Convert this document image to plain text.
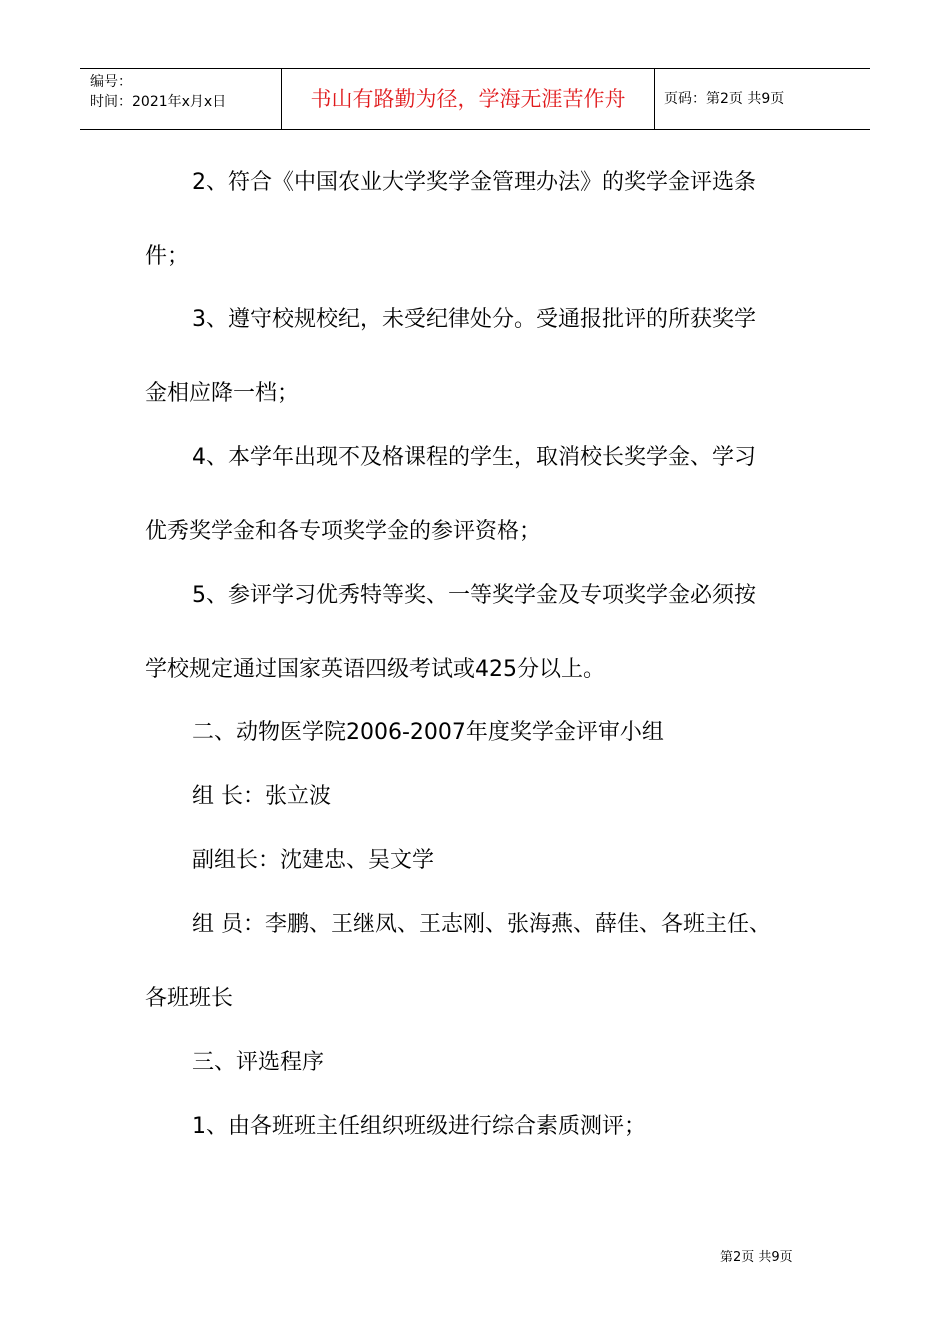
编号：
时间：2021年x月x日	书山有路勤为径，学海无涯苦作舟	页码：第2页 共9页
2、符合《中国农业大学奖学金管理办法》的奖学金评选条
件；
3、遵守校规校纪，未受纪律处分。受通报批评的所获奖学
金相应降一档；
4、本学年出现不及格课程的学生，取消校长奖学金、学习
优秀奖学金和各专项奖学金的参评资格；
5、参评学习优秀特等奖、一等奖学金及专项奖学金必须按
学校规定通过国家英语四级考试或425分以上。
二、动物医学院2006-2007年度奖学金评审小组
组 长：张立波
副组长：沈建忠、吴文学
组 员：李鹏、王继凤、王志刚、张海燕、薛佳、各班主任、
各班班长
三、评选程序
1、由各班班主任组织班级进行综合素质测评；
第2页 共9页
